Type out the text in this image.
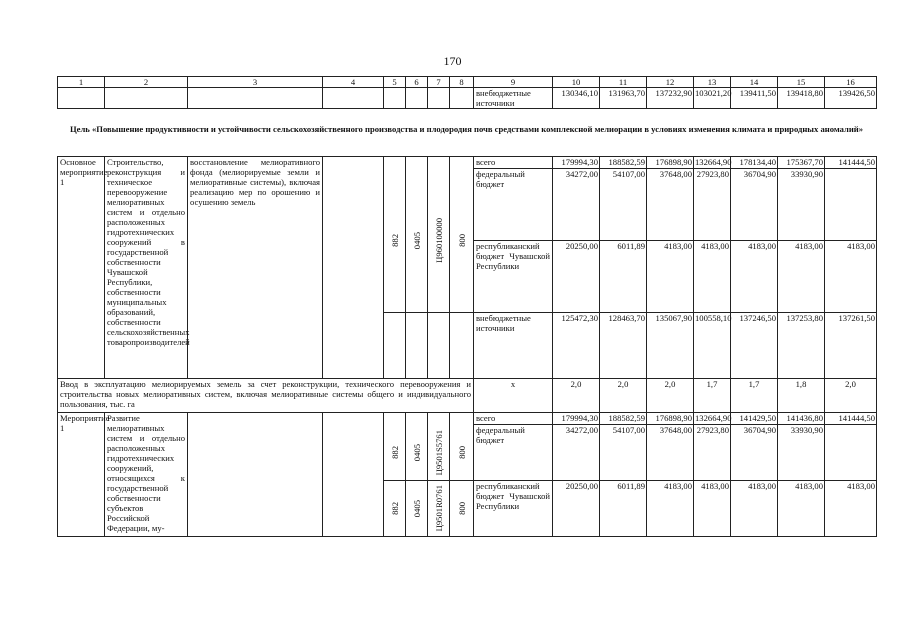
170
1	2	3	4	5	6	7	8	9	10	11	12	13	14	15	16
								внебюджетные источники	130346,10	131963,70	137232,90	103021,20	139411,50	139418,80	139426,50
Цель «Повышение продуктивности и устойчивости сельскохозяйственного производства и плодородия почв средствами комплексной мелиорации в условиях изменения климата и природных аномалий»
Основное мероприятие 1	Строительство, реконструкция и техническое перевооружение мелиоративных систем и отдельно расположенных гидротехнических сооружений в государственной собственности Чувашской Республики, собственности муниципальных образований, собственности сельскохозяйственных товаропроизводителей	восстановление мелиоративного фонда (мелиорируемые земли и мелиоративные системы), включая реализацию мер по орошению и осушению земель						всего	179994,30	188582,59	176898,90	132664,90	178134,40	175367,70	141444,50

				882	0405	Ц960100000	800	федеральный бюджет	34272,00	54107,00	37648,00	27923,80	36704,90	33930,90	
								республиканский бюджет Чувашской Республики	20250,00	6011,89	4183,00	4183,00	4183,00	4183,00	4183,00
								внебюджетные источники	125472,30	128463,70	135067,90	100558,10	137246,50	137253,80	137261,50
Ввод в эксплуатацию мелиорируемых земель за счет реконструкции, технического перевооружения и строительства новых мелиоративных систем, включая мелиоративные системы общего и индивидуального пользования, тыс. га								x	2,0	2,0	2,0	1,7	1,7	1,8	2,0
Мероприятие 1	Развитие мелиоративных систем и отдельно расположенных гидротехнических сооружений, относящихся к государственной собственности субъектов Российской Федерации, му-							всего	179994,30	188582,59	176898,90	132664,90	141429,50	141436,80	141444,50

				882	0405	Ц9501S5761	800	федеральный бюджет	34272,00	54107,00	37648,00	27923,80	36704,90	33930,90	

				882	0405	Ц9501R0761	800	республиканский бюджет Чувашской Республики	20250,00	6011,89	4183,00	4183,00	4183,00	4183,00	4183,00
